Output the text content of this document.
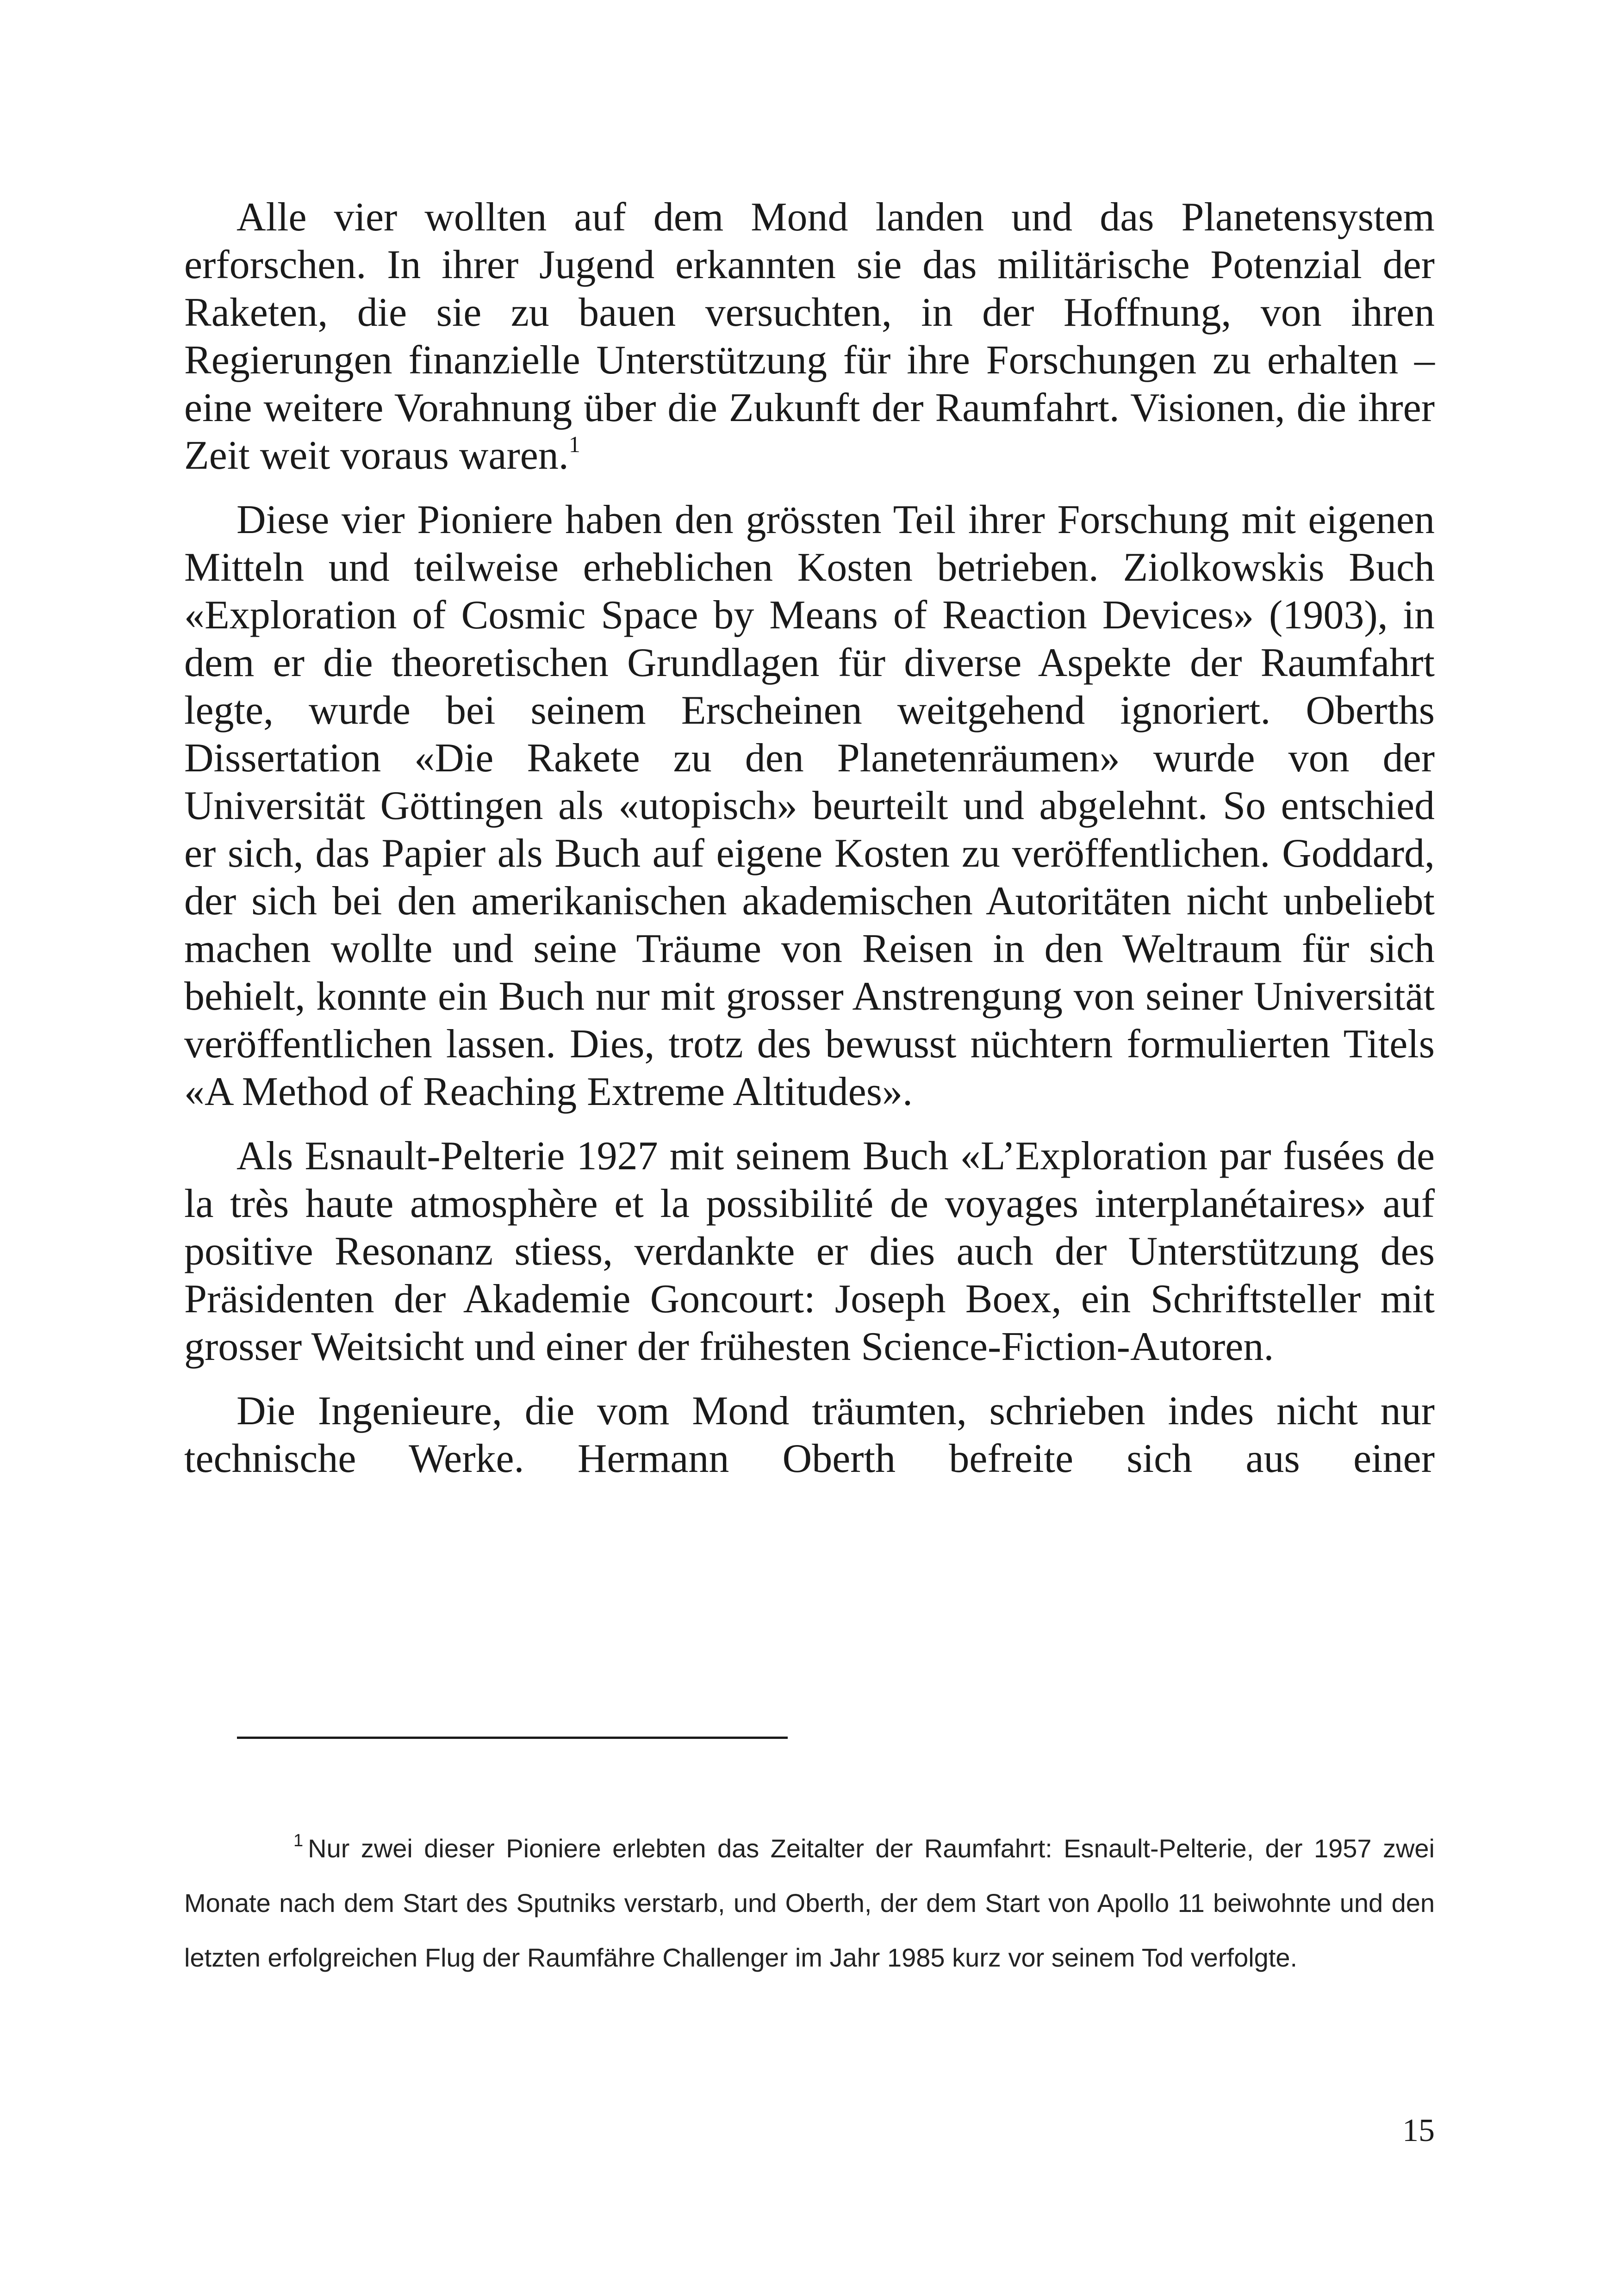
Alle vier wollten auf dem Mond landen und das Planetensystem erforschen. In ihrer Jugend erkannten sie das militärische Potenzial der Raketen, die sie zu bauen versuchten, in der Hoffnung, von ihren Regierungen finanzielle Unterstützung für ihre Forschungen zu erhalten – eine weitere Vorahnung über die Zukunft der Raumfahrt. Visionen, die ihrer Zeit weit voraus waren.$^1$

Diese vier Pioniere haben den grössten Teil ihrer Forschung mit eigenen Mitteln und teilweise erheblichen Kosten betrieben. Ziolkowskis Buch «Exploration of Cosmic Space by Means of Reaction Devices» (1903), in dem er die theoretischen Grundlagen für diverse Aspekte der Raumfahrt legte, wurde bei seinem Erscheinen weitgehend ignoriert. Oberths Dissertation «Die Rakete zu den Planetenräumen» wurde von der Universität Göttingen als «utopisch» beurteilt und abgelehnt. So entschied er sich, das Papier als Buch auf eigene Kosten zu veröffentlichen. Goddard, der sich bei den amerikanischen akademischen Autoritäten nicht unbeliebt machen wollte und seine Träume von Reisen in den Weltraum für sich behielt, konnte ein Buch nur mit grosser Anstrengung von seiner Universität veröffentlichen lassen. Dies, trotz des bewusst nüchtern formulierten Titels «A Method of Reaching Extreme Altitudes».

Als Esnault-Pelterie 1927 mit seinem Buch «L’Exploration par fusées de la très haute atmosphère et la possibilité de voyages interplanétaires» auf positive Resonanz stiess, verdankte er dies auch der Unterstützung des Präsidenten der Akademie Goncourt: Joseph Boex, ein Schriftsteller mit grosser Weitsicht und einer der frühesten Science-Fiction-Autoren.

Die Ingenieure, die vom Mond träumten, schrieben indes nicht nur technische Werke. Hermann Oberth befreite sich aus einer

$^1$ Nur zwei dieser Pioniere erlebten das Zeitalter der Raumfahrt: Esnault-Pelterie, der 1957 zwei Monate nach dem Start des Sputniks verstarb, und Oberth, der dem Start von Apollo 11 beiwohnte und den letzten erfolgreichen Flug der Raumfähre Challenger im Jahr 1985 kurz vor seinem Tod verfolgte.

15
